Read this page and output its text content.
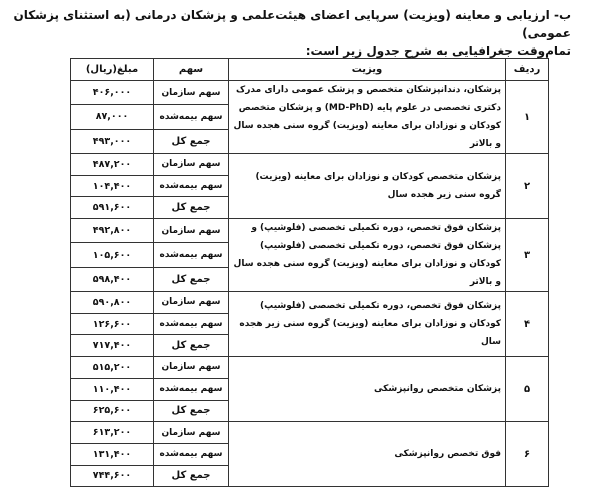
ب- ارزیابی و معاینه (ویزیت) سرپایی اعضای هیئت‌علمی و پزشکان درمانی (به استثنای پزشکان عمومی)
تمام‌وقت جغرافیایی به شرح جدول زیر است:
ردیف	ویزیت	سهم	مبلغ(ریال)
۱	پزشکان، دندانپزشکان متخصص و پزشک عمومی دارای مدرک دکتری تخصصی در علوم پایه (MD-PhD) و پزشکان متخصص کودکان و نوزادان برای معاینه (ویزیت) گروه سنی هجده سال و بالاتر	سهم سازمان	۴۰۶,۰۰۰
		سهم بیمه‌شده	۸۷,۰۰۰
		جمع کل	۴۹۳,۰۰۰
۲	پزشکان متخصص کودکان و نوزادان برای معاینه (ویزیت) گروه سنی زیر هجده سال	سهم سازمان	۴۸۷,۲۰۰
		سهم بیمه‌شده	۱۰۴,۴۰۰
		جمع کل	۵۹۱,۶۰۰
۳	پزشکان فوق تخصص، دوره تکمیلی تخصصی (فلوشیپ) و پزشکان فوق تخصص، دوره تکمیلی تخصصی (فلوشیپ) کودکان و نوزادان برای معاینه (ویزیت) گروه سنی هجده سال و بالاتر	سهم سازمان	۴۹۲,۸۰۰
		سهم بیمه‌شده	۱۰۵,۶۰۰
		جمع کل	۵۹۸,۴۰۰
۴	پزشکان فوق تخصص، دوره تکمیلی تخصصی (فلوشیپ) کودکان و نوزادان برای معاینه (ویزیت) گروه سنی زیر هجده سال	سهم سازمان	۵۹۰,۸۰۰
		سهم بیمه‌شده	۱۲۶,۶۰۰
		جمع کل	۷۱۷,۴۰۰
۵	پزشکان متخصص روانپزشکی	سهم سازمان	۵۱۵,۲۰۰
		سهم بیمه‌شده	۱۱۰,۴۰۰
		جمع کل	۶۲۵,۶۰۰
۶	فوق تخصص روانپزشکی	سهم سازمان	۶۱۳,۲۰۰
		سهم بیمه‌شده	۱۳۱,۴۰۰
		جمع کل	۷۴۴,۶۰۰
